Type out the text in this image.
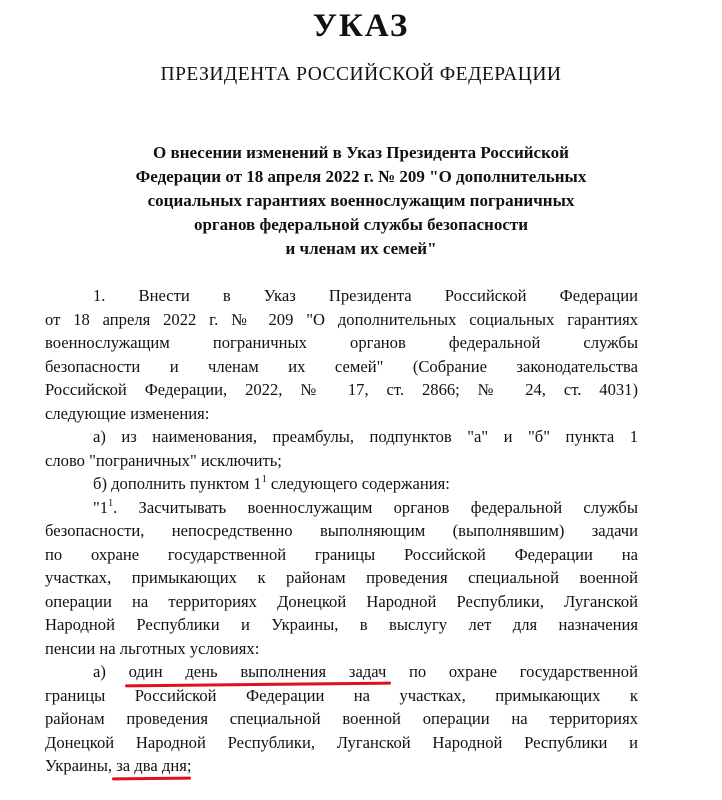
УКАЗ
ПРЕЗИДЕНТА РОССИЙСКОЙ ФЕДЕРАЦИИ
О внесении изменений в Указ Президента Российской
Федерации от 18 апреля 2022 г. № 209 "О дополнительных
социальных гарантиях военнослужащим пограничных
органов федеральной службы безопасности
и членам их семей"
1. Внести в Указ Президента Российской Федерации
от 18 апреля 2022 г. № 209 "О дополнительных социальных гарантиях
военнослужащим пограничных органов федеральной службы
безопасности и членам их семей" (Собрание законодательства
Российской Федерации, 2022, № 17, ст. 2866; № 24, ст. 4031)
следующие изменения:
а) из наименования, преамбулы, подпунктов "а" и "б" пункта 1
слово "пограничных" исключить;
б) дополнить пунктом $1^1$ следующего содержания:
"$1^1$. Засчитывать военнослужащим органов федеральной службы
безопасности, непосредственно выполняющим (выполнявшим) задачи
по охране государственной границы Российской Федерации на
участках, примыкающих к районам проведения специальной военной
операции на территориях Донецкой Народной Республики, Луганской
Народной Республики и Украины, в выслугу лет для назначения
пенсии на льготных условиях:
а) один день выполнения задач
по охране государственной
границы Российской Федерации на участках, примыкающих к
районам проведения специальной военной операции на территориях
Донецкой Народной Республики, Луганской Народной Республики и
Украины, за два дня
;
